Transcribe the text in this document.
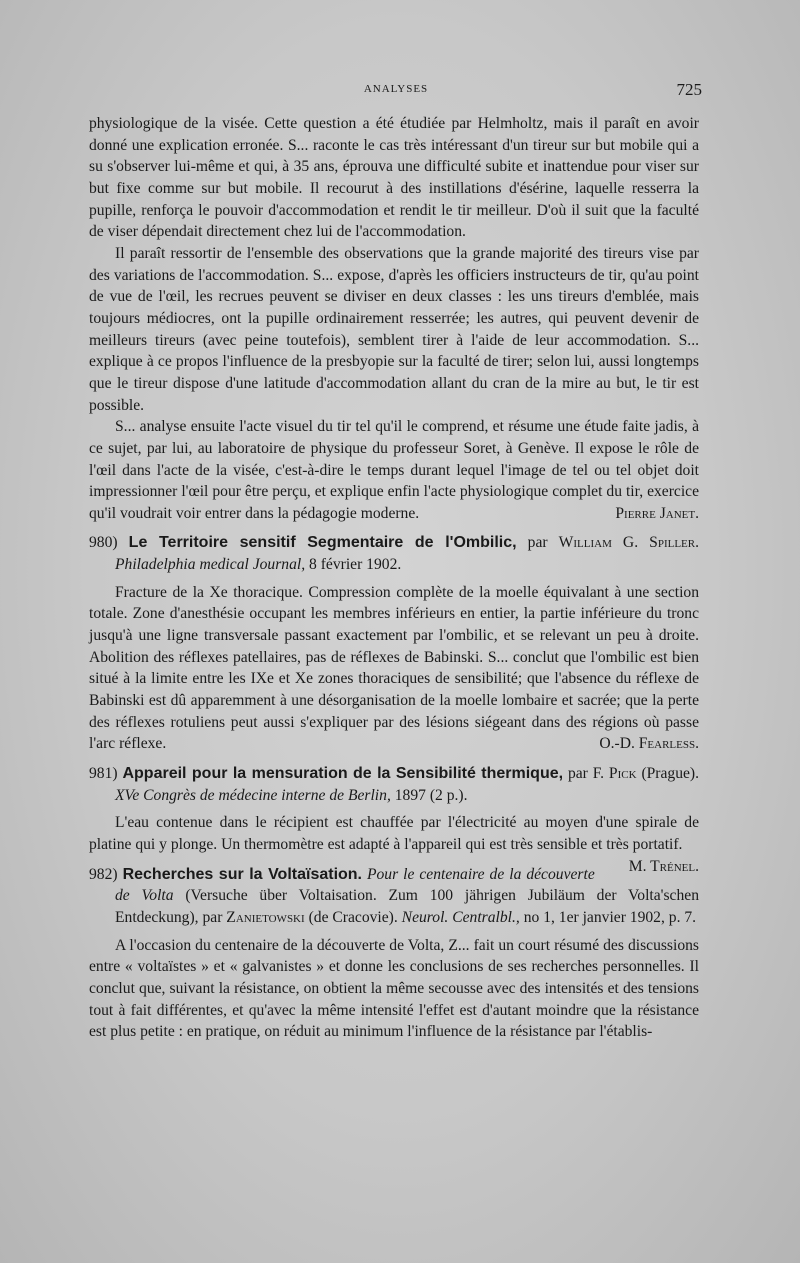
ANALYSES	725

physiologique de la visée. Cette question a été étudiée par Helmholtz, mais il paraît en avoir donné une explication erronée. S... raconte le cas très intéressant d'un tireur sur but mobile qui a su s'observer lui-même et qui, à 35 ans, éprouva une difficulté subite et inattendue pour viser sur but fixe comme sur but mobile. Il recourut à des instillations d'ésérine, laquelle resserra la pupille, renforça le pouvoir d'accommodation et rendit le tir meilleur. D'où il suit que la faculté de viser dépendait directement chez lui de l'accommodation.

Il paraît ressortir de l'ensemble des observations que la grande majorité des tireurs vise par des variations de l'accommodation. S... expose, d'après les officiers instructeurs de tir, qu'au point de vue de l'œil, les recrues peuvent se diviser en deux classes : les uns tireurs d'emblée, mais toujours médiocres, ont la pupille ordinairement resserrée; les autres, qui peuvent devenir de meilleurs tireurs (avec peine toutefois), semblent tirer à l'aide de leur accommodation. S... explique à ce propos l'influence de la presbyopie sur la faculté de tirer; selon lui, aussi longtemps que le tireur dispose d'une latitude d'accommodation allant du cran de la mire au but, le tir est possible.

S... analyse ensuite l'acte visuel du tir tel qu'il le comprend, et résume une étude faite jadis, à ce sujet, par lui, au laboratoire de physique du professeur Soret, à Genève. Il expose le rôle de l'œil dans l'acte de la visée, c'est-à-dire le temps durant lequel l'image de tel ou tel objet doit impressionner l'œil pour être perçu, et explique enfin l'acte physiologique complet du tir, exercice qu'il voudrait voir entrer dans la pédagogie moderne.	Pierre Janet.

980) Le Territoire sensitif Segmentaire de l'Ombilic, par William G. Spiller. Philadelphia medical Journal, 8 février 1902.

Fracture de la Xe thoracique. Compression complète de la moelle équivalant à une section totale. Zone d'anesthésie occupant les membres inférieurs en entier, la partie inférieure du tronc jusqu'à une ligne transversale passant exactement par l'ombilic, et se relevant un peu à droite. Abolition des réflexes patellaires, pas de réflexes de Babinski. S... conclut que l'ombilic est bien situé à la limite entre les IXe et Xe zones thoraciques de sensibilité; que l'absence du réflexe de Babinski est dû apparemment à une désorganisation de la moelle lombaire et sacrée; que la perte des réflexes rotuliens peut aussi s'expliquer par des lésions siégeant dans des régions où passe l'arc réflexe.	O.-D. Fearless.

981) Appareil pour la mensuration de la Sensibilité thermique, par F. Pick (Prague). XVe Congrès de médecine interne de Berlin, 1897 (2 p.).

L'eau contenue dans le récipient est chauffée par l'électricité au moyen d'une spirale de platine qui y plonge. Un thermomètre est adapté à l'appareil qui est très sensible et très portatif.
M. Trénel.

982) Recherches sur la Voltaïsation. Pour le centenaire de la découverte de Volta (Versuche über Voltaisation. Zum 100 jährigen Jubiläum der Volta'schen Entdeckung), par Zanietowski (de Cracovie). Neurol. Centralbl., no 1, 1er janvier 1902, p. 7.

A l'occasion du centenaire de la découverte de Volta, Z... fait un court résumé des discussions entre « voltaïstes » et « galvanistes » et donne les conclusions de ses recherches personnelles. Il conclut que, suivant la résistance, on obtient la même secousse avec des intensités et des tensions tout à fait différentes, et qu'avec la même intensité l'effet est d'autant moindre que la résistance est plus petite : en pratique, on réduit au minimum l'influence de la résistance par l'établis-
